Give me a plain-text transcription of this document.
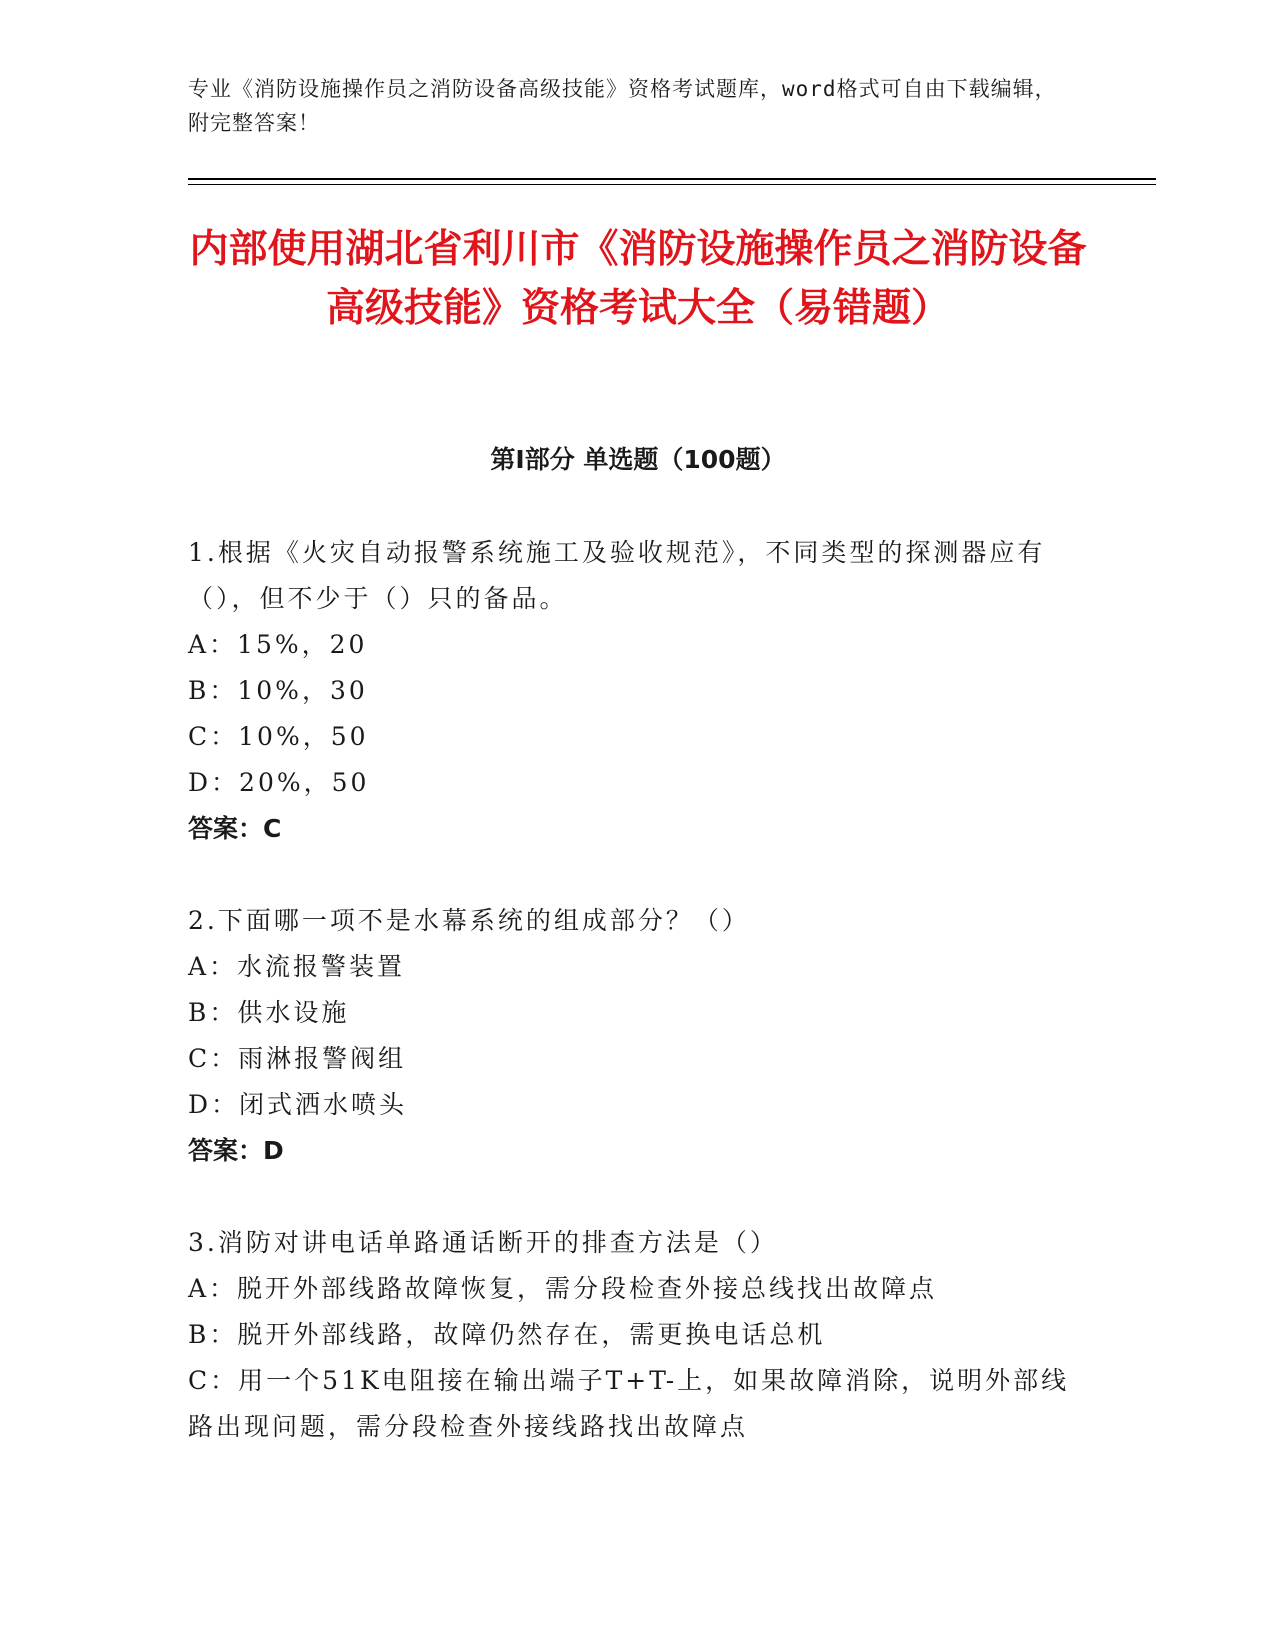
专业《消防设施操作员之消防设备高级技能》资格考试题库，word格式可自由下载编辑，附完整答案！
内部使用湖北省利川市《消防设施操作员之消防设备高级技能》资格考试大全（易错题）
第Ⅰ部分 单选题（100题）
1.根据《火灾自动报警系统施工及验收规范》，不同类型的探测器应有（），但不少于（）只的备品。
A：15%，20
B：10%，30
C：10%，50
D：20%，50
答案：C
2.下面哪一项不是水幕系统的组成部分？（）
A：水流报警装置
B：供水设施
C：雨淋报警阀组
D：闭式洒水喷头
答案：D
3.消防对讲电话单路通话断开的排查方法是（）
A：脱开外部线路故障恢复，需分段检查外接总线找出故障点
B：脱开外部线路，故障仍然存在，需更换电话总机
C：用一个51K电阻接在输出端子T+T-上，如果故障消除，说明外部线路出现问题，需分段检查外接线路找出故障点
